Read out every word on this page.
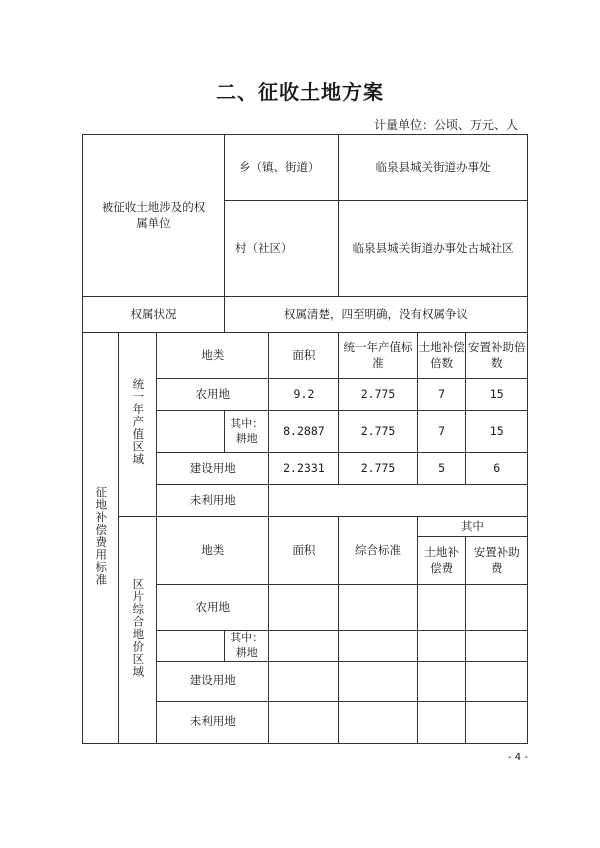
二、征收土地方案
计量单位：公顷、万元、人
被征收土地涉及的权属单位			乡（镇、街道）		临泉县城关街道办事处		
			村（社区）		临泉县城关街道办事处古城社区		
权属状况			权属清楚，四至明确，没有权属争议				
征地补偿费用标准	统一年产值区域	地类		面积	统一年产值标准	土地补偿倍数	安置补助倍数
		农用地		9.2	2.775	7	15
			其中：耕地	8.2887	2.775	7	15
		建设用地		2.2331	2.775	5	6
		未利用地					
	区片综合地价区域	地类		面积	综合标准	其中	
						土地补偿费	安置补助费
		农用地					
			其中：耕地				
		建设用地					
		未利用地					
- 4 -
